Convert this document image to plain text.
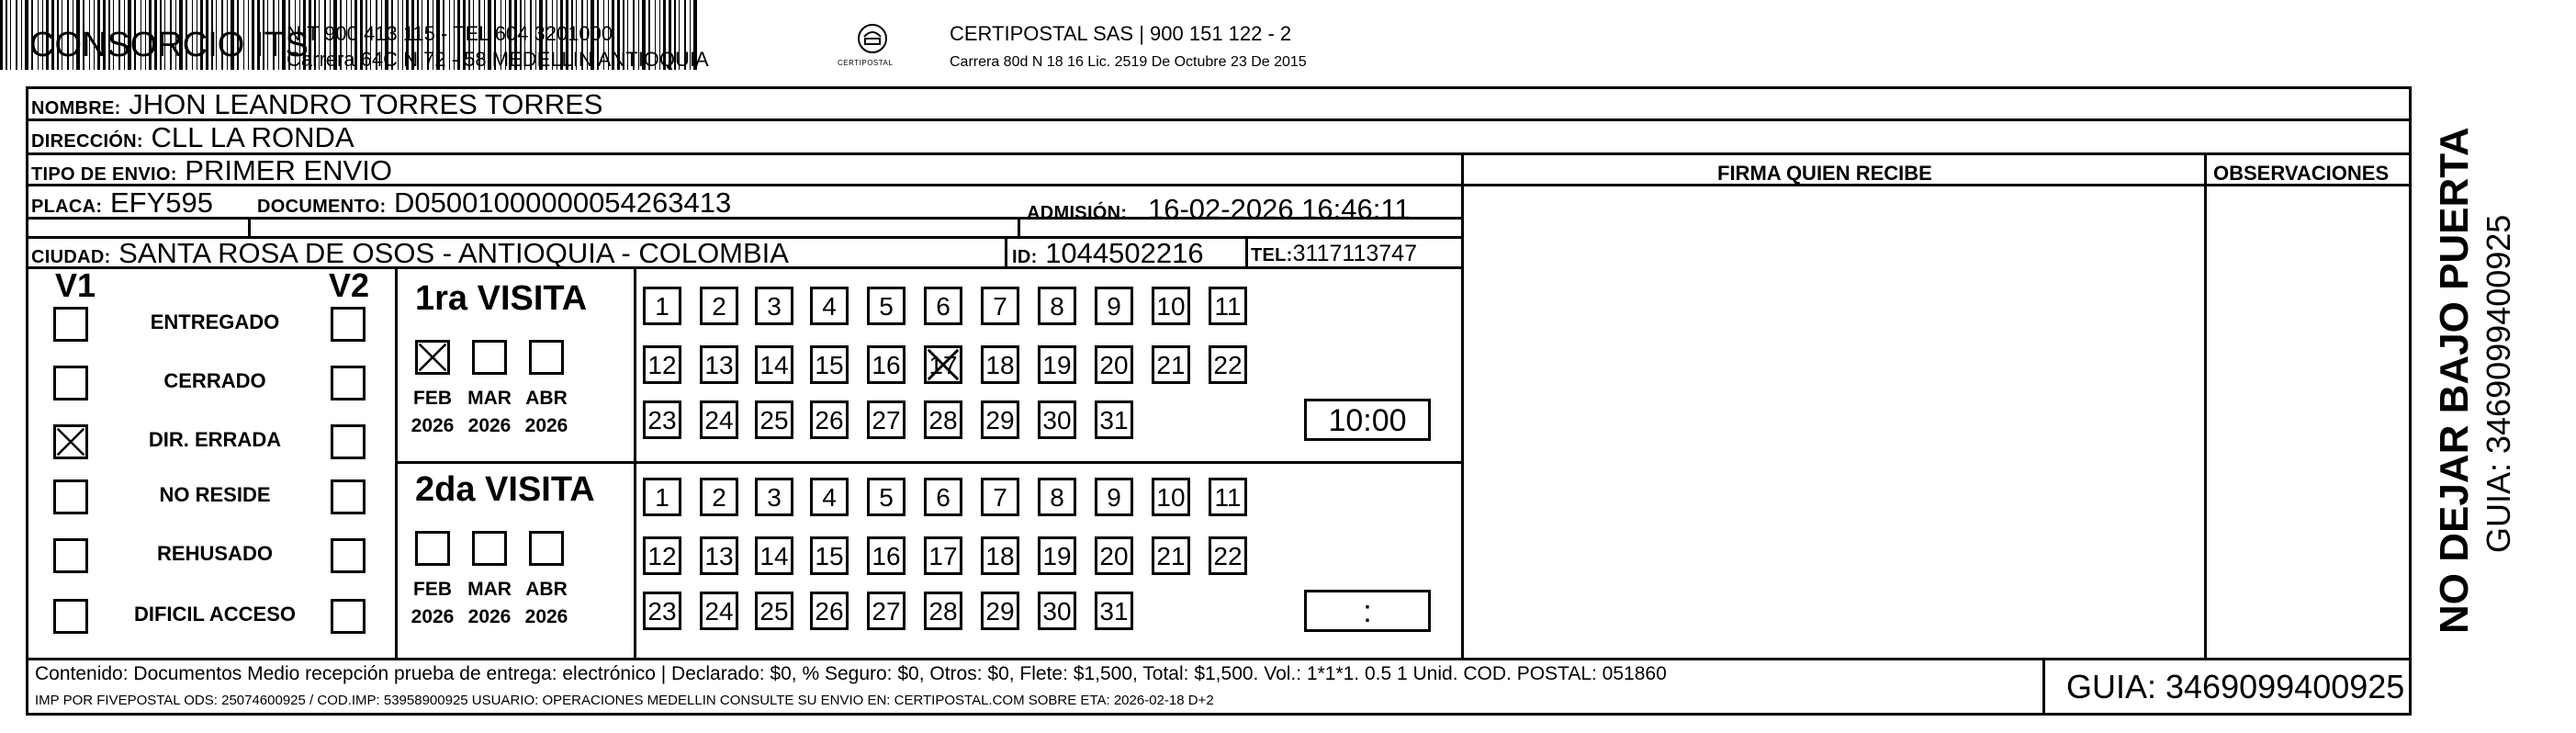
CONSORCIO ITS
NIT 900 413 115 - TEL 604 3201000
Carrera 64C N 72 - 58 MEDELLIN ANTIOQUIA	CERTIPOSTAL
CERTIPOSTAL SAS | 900 151 122 - 2
Carrera 80d N 18 16 Lic. 2519 De Octubre 23 De 2015
NOMBRE: JHON LEANDRO TORRES TORRES
DIRECCIÓN: CLL LA RONDA
TIPO DE ENVIO: PRIMER ENVIO	FIRMA QUIEN RECIBE	OBSERVACIONES
PLACA: EFY595 DOCUMENTO: D05001000000054263413	ADMISIÓN: 16-02-2026 16:46:11
CIUDAD: SANTA ROSA DE OSOS - ANTIOQUIA - COLOMBIA	ID: 1044502216	TEL:3117113747
V1	V2
ENTREGADO
CERRADO
DIR. ERRADA
NO RESIDE
REHUSADO
DIFICIL ACCESO
1ra VISITA
2da VISITA
FEB
2026
MAR
2026
ABR
2026
1	2	3	4	5	6	7	8	9	10 11
12 13 14 15 16 17 18 19 20 21 22
23 24 25 26 27 28 29 30 31	10:00
FEB
2026
MAR
2026
ABR
2026
1	2	3	4	5	6	7	8	9	10 11
12 13 14 15 16 17 18 19 20 21 22
23 24 25 26 27 28 29 30 31	:
Contenido: Documentos Medio recepción prueba de entrega: electrónico | Declarado: $0, % Seguro: $0, Otros: $0, Flete: $1,500, Total: $1,500. Vol.: 1*1*1. 0.5 1 Unid. COD. POSTAL: 051860
IMP POR FIVEPOSTAL ODS: 25074600925 / COD.IMP: 53958900925 USUARIO: OPERACIONES MEDELLIN CONSULTE SU ENVIO EN: CERTIPOSTAL.COM SOBRE ETA: 2026-02-18 D+2	GUIA: 3469099400925
NO DEJAR BAJO PUERTA GUIA: 3469099400925
